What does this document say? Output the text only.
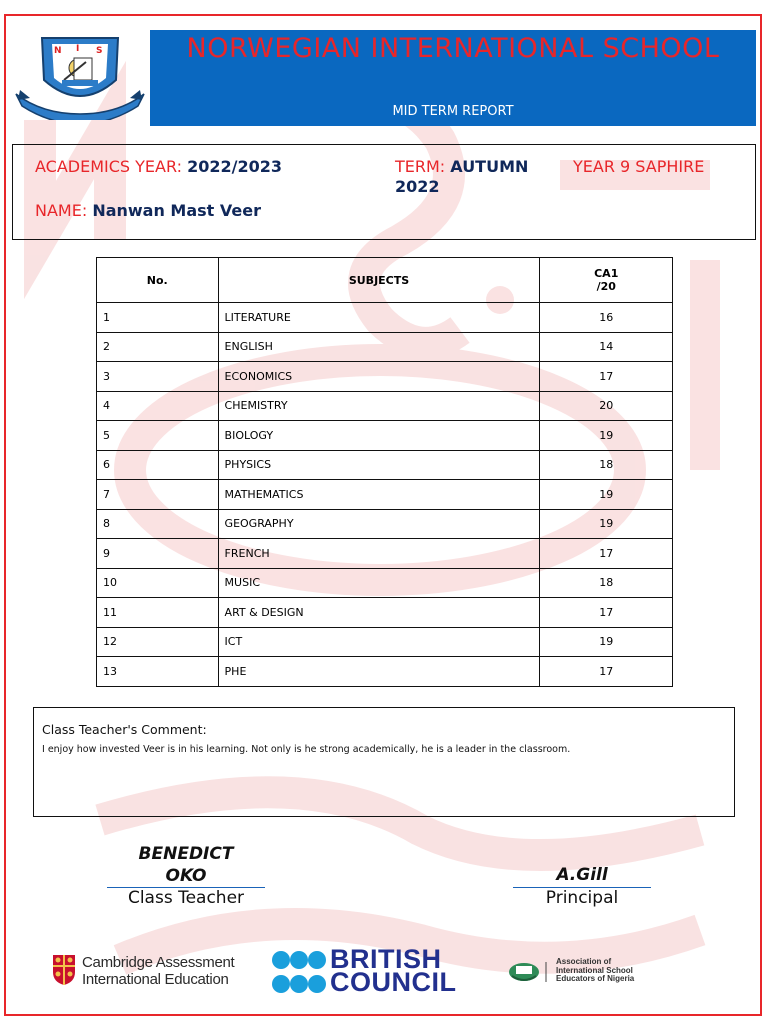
N I S	NORWEGIAN INTERNATIONAL SCHOOL
MID TERM REPORT
ACADEMICS YEAR: 2022/2023	TERM: AUTUMN 2022
YEAR 9 SAPHIRE
NAME: Nanwan Mast Veer
No.	SUBJECTS	CA1
/20
1	LITERATURE	16
2	ENGLISH	14
3	ECONOMICS	17
4	CHEMISTRY	20
5	BIOLOGY	19
6	PHYSICS	18
7	MATHEMATICS	19
8	GEOGRAPHY	19
9	FRENCH	17
10	MUSIC	18
11	ART & DESIGN	17
12	ICT	19
13	PHE	17
Class Teacher's Comment:
I enjoy how invested Veer is in his learning. Not only is he strong academically, he is a leader in the classroom.
BENEDICT OKO
Class Teacher
A.Gill
Principal
Cambridge Assessment
International Education
BRITISH
COUNCIL
Association of
International School
Educators of Nigeria
